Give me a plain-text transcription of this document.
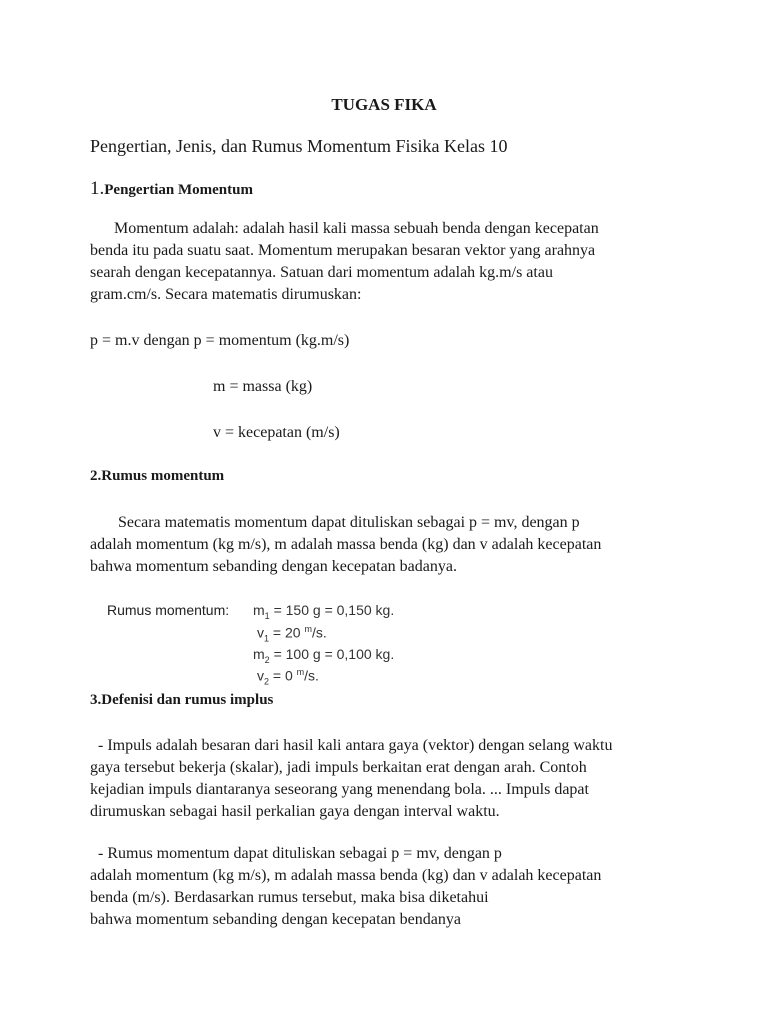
TUGAS FIKA
Pengertian, Jenis, dan Rumus Momentum Fisika Kelas 10
1.Pengertian Momentum
Momentum adalah: adalah hasil kali massa sebuah benda dengan kecepatan
benda itu pada suatu saat. Momentum merupakan besaran vektor yang arahnya
searah dengan kecepatannya. Satuan dari momentum adalah kg.m/s atau
gram.cm/s. Secara matematis dirumuskan:
p = m.v dengan p = momentum (kg.m/s)
m = massa (kg)
v = kecepatan (m/s)
2.Rumus momentum
Secara matematis momentum dapat dituliskan sebagai p = mv, dengan p
adalah momentum (kg m/s), m adalah massa benda (kg) dan v adalah kecepatan
bahwa momentum sebanding dengan kecepatan badanya.
Rumus momentum: $m_1 = 150$ g = 0,150 kg.
$v_1 = 20$ $^m$/s.
$m_2 = 100$ g = 0,100 kg.
$v_2 = 0$ $^m$/s.
3.Defenisi dan rumus implus
- Impuls adalah besaran dari hasil kali antara gaya (vektor) dengan selang waktu
gaya tersebut bekerja (skalar), jadi impuls berkaitan erat dengan arah. Contoh
kejadian impuls diantaranya seseorang yang menendang bola. ... Impuls dapat
dirumuskan sebagai hasil perkalian gaya dengan interval waktu.
- Rumus momentum dapat dituliskan sebagai p = mv, dengan p
adalah momentum (kg m/s), m adalah massa benda (kg) dan v adalah kecepatan
benda (m/s). Berdasarkan rumus tersebut, maka bisa diketahui
bahwa momentum sebanding dengan kecepatan bendanya
